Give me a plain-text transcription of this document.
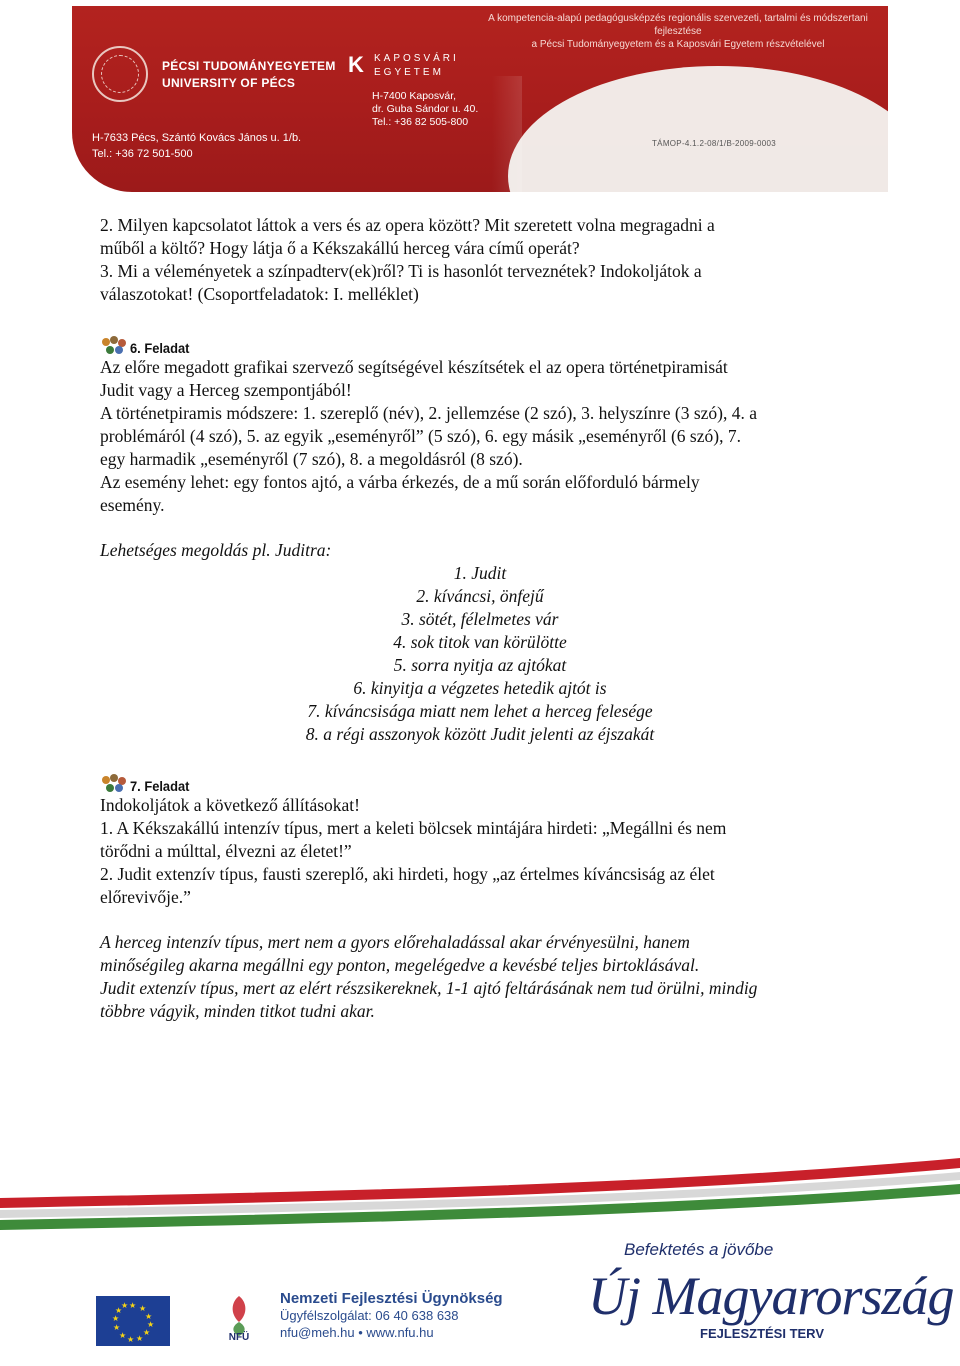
A kompetencia-alapú pedagógusképzés regionális szervezeti, tartalmi és módszertani fejlesztése
a Pécsi Tudományegyetem és a Kaposvári Egyetem részvételével
PÉCSI TUDOMÁNYEGYETEM
UNIVERSITY OF PÉCS
K	KAPOSVÁRI
EGYETEM
H-7400 Kaposvár,
dr. Guba Sándor u. 40.
Tel.: +36 82 505-800
H-7633 Pécs, Szántó Kovács János u. 1/b.
Tel.: +36 72 501-500
TÁMOP-4.1.2-08/1/B-2009-0003

2. Milyen kapcsolatot láttok a vers és az opera között? Mit szeretett volna megragadni a

műből a költő? Hogy látja ő a Kékszakállú herceg vára című operát?

3. Mi a véleményetek a színpadterv(ek)ről? Ti is hasonlót terveznétek? Indokoljátok a

válaszotokat! (Csoportfeladatok: I. melléklet)

6. Feladat

Az előre megadott grafikai szervező segítségével készítsétek el az opera történetpiramisát

Judit vagy a Herceg szempontjából!

A történetpiramis módszere: 1. szereplő (név), 2. jellemzése (2 szó), 3. helyszínre (3 szó), 4. a

problémáról (4 szó), 5. az egyik „eseményről” (5 szó), 6. egy másik „eseményről (6 szó), 7.

egy harmadik „eseményről (7 szó), 8. a megoldásról (8 szó).

Az esemény lehet: egy fontos ajtó, a várba érkezés, de a mű során előforduló bármely

esemény.

Lehetséges megoldás pl. Juditra:

1. Judit

2. kíváncsi, önfejű

3. sötét, félelmetes vár

4. sok titok van körülötte

5. sorra nyitja az ajtókat

6. kinyitja a végzetes hetedik ajtót is

7. kíváncsisága miatt nem lehet a herceg felesége

8. a régi asszonyok között Judit jelenti az éjszakát

7. Feladat

Indokoljátok a következő állításokat!

1. A Kékszakállú intenzív típus, mert a keleti bölcsek mintájára hirdeti: „Megállni és nem

törődni a múlttal, élvezni az életet!”

2. Judit extenzív típus, fausti szereplő, aki hirdeti, hogy „az értelmes kíváncsiság az élet

előrevivője.”

A herceg intenzív típus, mert nem a gyors előrehaladással akar érvényesülni, hanem

minőségileg akarna megállni egy ponton, megelégedve a kevésbé teljes birtoklásával.

Judit extenzív típus, mert az elért részsikereknek, 1-1 ajtó feltárásának nem tud örülni, mindig

többre vágyik, minden titkot tudni akar.

★ ★
★
★
★
★
★
★
★
★
★
★
NFÜ
Nemzeti Fejlesztési Ügynökség
Ügyfélszolgálat: 06 40 638 638
nfu@meh.hu • www.nfu.hu
Befektetés a jövőbe
Új Magyarország
FEJLESZTÉSI TERV
